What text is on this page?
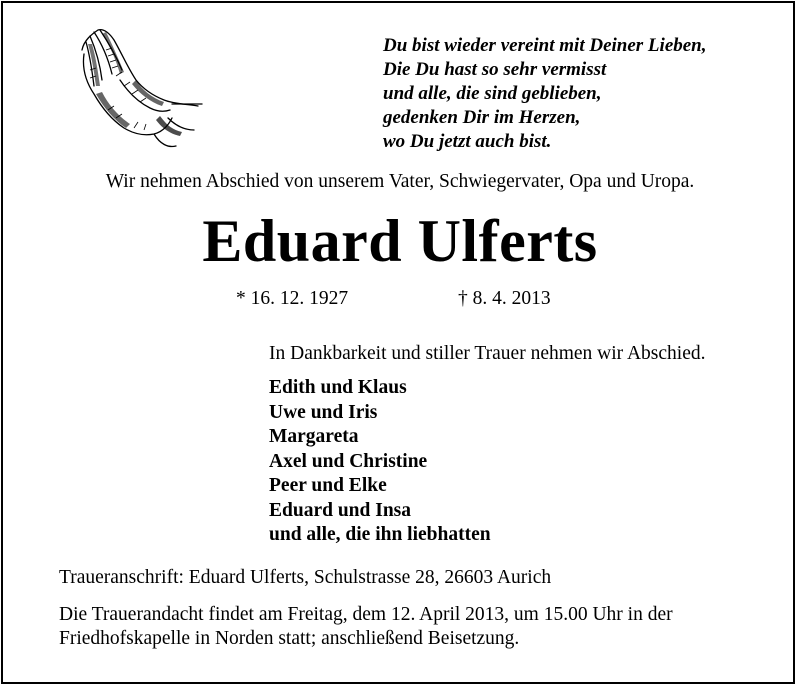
Du bist wieder vereint mit Deiner Lieben,
Die Du hast so sehr vermisst
und alle, die sind geblieben,
gedenken Dir im Herzen,
wo Du jetzt auch bist.
Wir nehmen Abschied von unserem Vater, Schwiegervater, Opa und Uropa.
Eduard Ulferts
* 16. 12. 1927	† 8. 4. 2013
In Dankbarkeit und stiller Trauer nehmen wir Abschied.
Edith und Klaus
Uwe und Iris
Margareta
Axel und Christine
Peer und Elke
Eduard und Insa
und alle, die ihn liebhatten
Traueranschrift: Eduard Ulferts, Schulstrasse 28, 26603 Aurich
Die Trauerandacht findet am Freitag, dem 12. April 2013, um 15.00 Uhr in der
Friedhofskapelle in Norden statt; anschließend Beisetzung.
